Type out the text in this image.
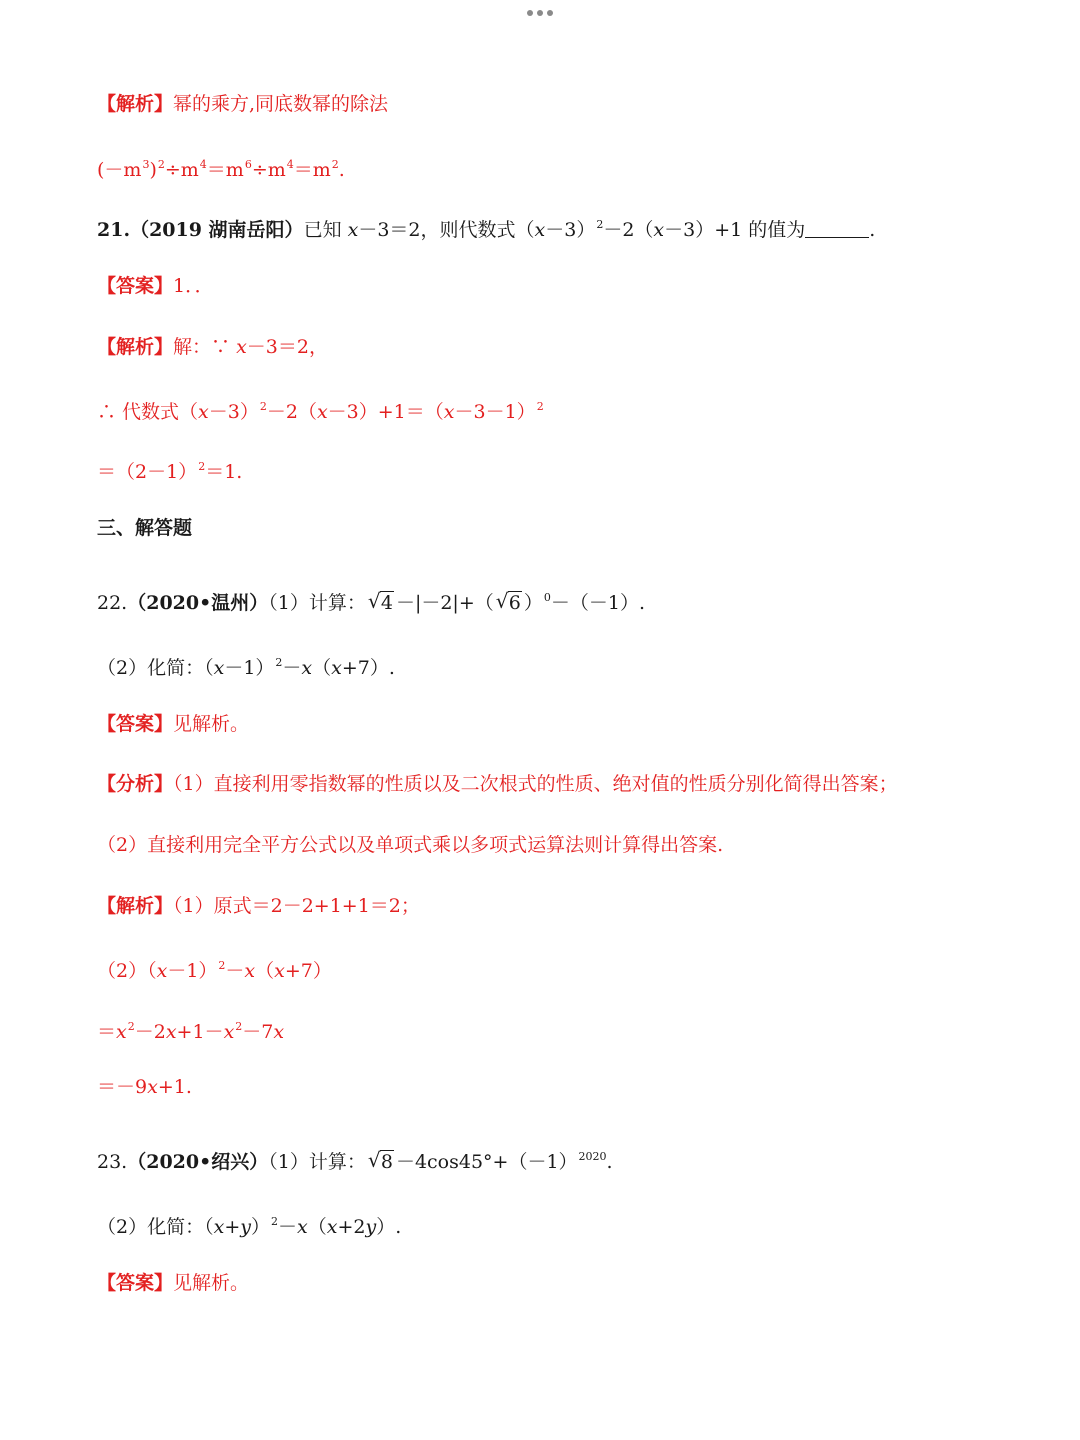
【解析】幂的乘方,同底数幂的除法
$(-m^3)^2\div m^4=m^6\div m^4=m^2$.
21.（2019 湖南岳阳）已知 x－3＝2，则代数式$(x-3)^2-2(x-3)+1$ 的值为	.
【答案】1．．
【解析】解：∵ x－3＝2，
∴ 代数式$(x-3)^2-2(x-3)+1=(x-3-1)^2$
$=(2-1)^2=1$.
三、解答题
22.（2020•温州）（1）计算： √ 4 －|－2|+（ √ 6 ）$^0$－（－1）.
（2）化简：$(x-1)^2-x(x+7)$.
【答案】见解析。
【分析】（1）直接利用零指数幂的性质以及二次根式的性质、绝对值的性质分别化简得出答案；
（2）直接利用完全平方公式以及单项式乘以多项式运算法则计算得出答案.
【解析】（1）原式＝2－2+1+1＝2；
$(2)(x-1)^2-x(x+7)$
$=x^2-2x+1-x^2-7x$
＝－9x+1.
23.（2020•绍兴）（1）计算： √ $8 -4\cos 45^\circ+(-1)^{2020}$.
（2）化简：$(x+y)^2-x(x+2y)$.
【答案】见解析。
